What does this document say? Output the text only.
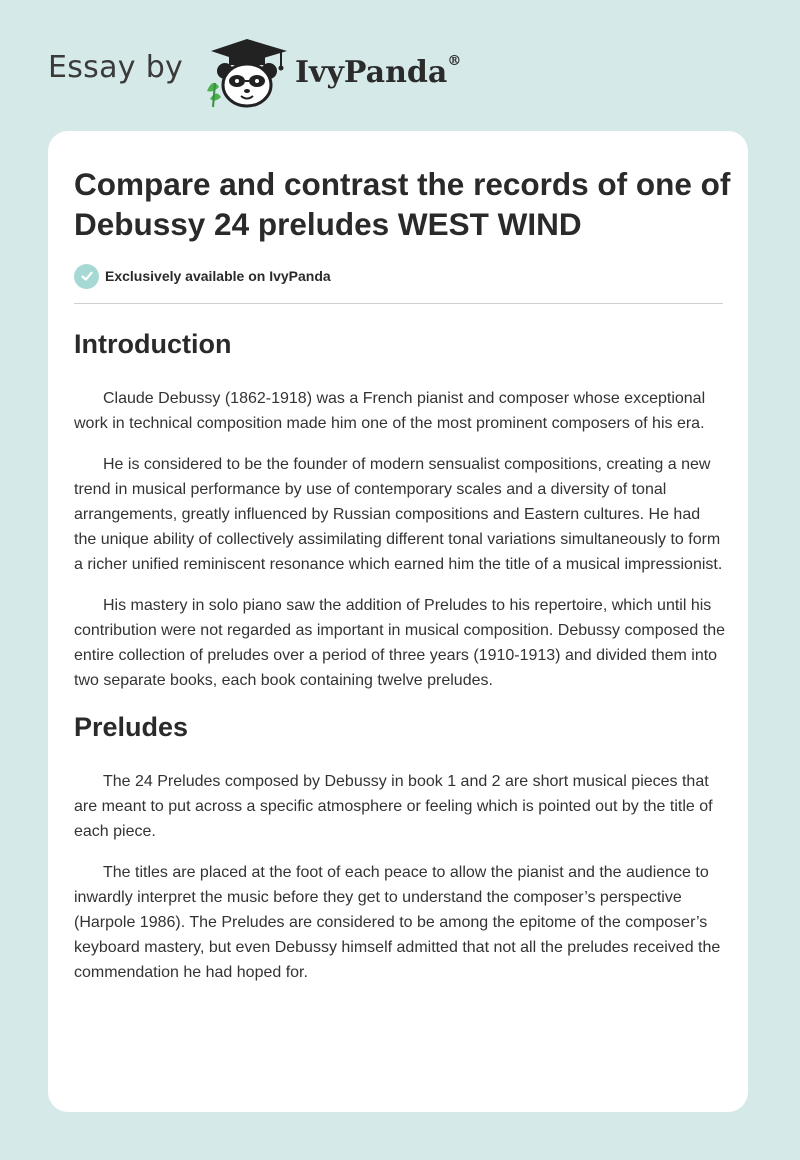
Essay by	IvyPanda®
Compare and contrast the records of one of Debussy 24 preludes WEST WIND
Exclusively available on IvyPanda
Introduction

Claude Debussy (1862-1918) was a French pianist and composer whose exceptional work in technical composition made him one of the most prominent composers of his era.

He is considered to be the founder of modern sensualist compositions, creating a new trend in musical performance by use of contemporary scales and a diversity of tonal arrangements, greatly influenced by Russian compositions and Eastern cultures. He had the unique ability of collectively assimilating different tonal variations simultaneously to form a richer unified reminiscent resonance which earned him the title of a musical impressionist.

His mastery in solo piano saw the addition of Preludes to his repertoire, which until his contribution were not regarded as important in musical composition. Debussy composed the entire collection of preludes over a period of three years (1910-1913) and divided them into two separate books, each book containing twelve preludes.

Preludes

The 24 Preludes composed by Debussy in book 1 and 2 are short musical pieces that are meant to put across a specific atmosphere or feeling which is pointed out by the title of each piece.

The titles are placed at the foot of each peace to allow the pianist and the audience to inwardly interpret the music before they get to understand the composer’s perspective (Harpole 1986). The Preludes are considered to be among the epitome of the composer’s keyboard mastery, but even Debussy himself admitted that not all the preludes received the commendation he had hoped for.
